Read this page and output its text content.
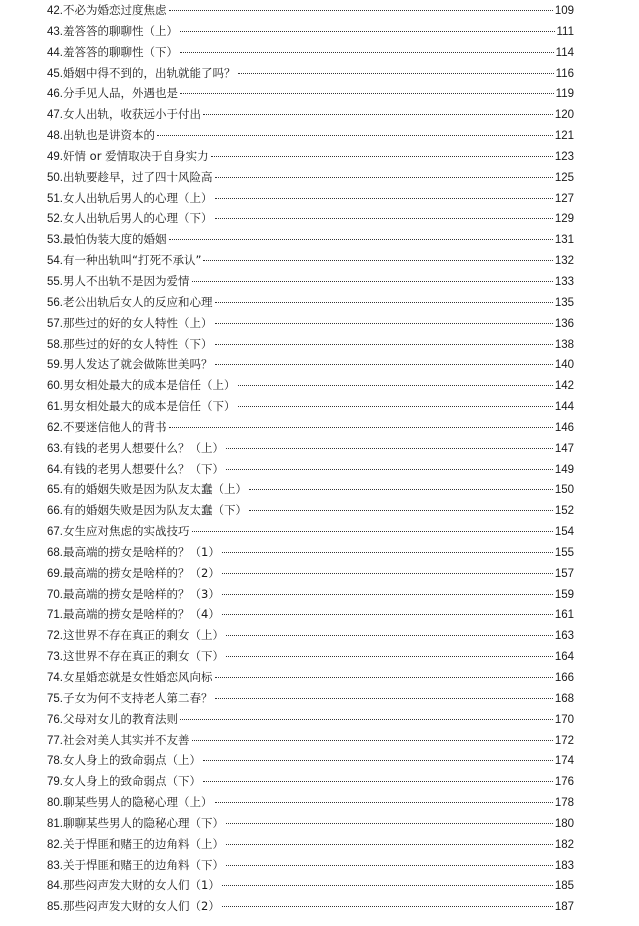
42.不必为婚恋过度焦虑	109
43.羞答答的聊聊性（上）	111
44.羞答答的聊聊性（下）	114
45.婚姻中得不到的，出轨就能了吗？	116
46.分手见人品，外遇也是	119
47.女人出轨，收获远小于付出	120
48.出轨也是讲资本的	121
49.奸情 or 爱情取决于自身实力	123
50.出轨要趁早，过了四十风险高	125
51.女人出轨后男人的心理（上）	127
52.女人出轨后男人的心理（下）	129
53.最怕伪装大度的婚姻	131
54.有一种出轨叫“打死不承认”	132
55.男人不出轨不是因为爱情	133
56.老公出轨后女人的反应和心理	135
57.那些过的好的女人特性（上）	136
58.那些过的好的女人特性（下）	138
59.男人发达了就会做陈世美吗？	140
60.男女相处最大的成本是信任（上）	142
61.男女相处最大的成本是信任（下）	144
62.不要迷信他人的背书	146
63.有钱的老男人想要什么？（上）	147
64.有钱的老男人想要什么？（下）	149
65.有的婚姻失败是因为队友太蠢（上）	150
66.有的婚姻失败是因为队友太蠢（下）	152
67.女生应对焦虑的实战技巧	154
68.最高端的捞女是啥样的？（1）	155
69.最高端的捞女是啥样的？（2）	157
70.最高端的捞女是啥样的？（3）	159
71.最高端的捞女是啥样的？（4）	161
72.这世界不存在真正的剩女（上）	163
73.这世界不存在真正的剩女（下）	164
74.女星婚恋就是女性婚恋风向标	166
75.子女为何不支持老人第二春？	168
76.父母对女儿的教育法则	170
77.社会对美人其实并不友善	172
78.女人身上的致命弱点（上）	174
79.女人身上的致命弱点（下）	176
80.聊某些男人的隐秘心理（上）	178
81.聊聊某些男人的隐秘心理（下）	180
82.关于悍匪和赌王的边角料（上）	182
83.关于悍匪和赌王的边角料（下）	183
84.那些闷声发大财的女人们（1）	185
85.那些闷声发大财的女人们（2）	187
